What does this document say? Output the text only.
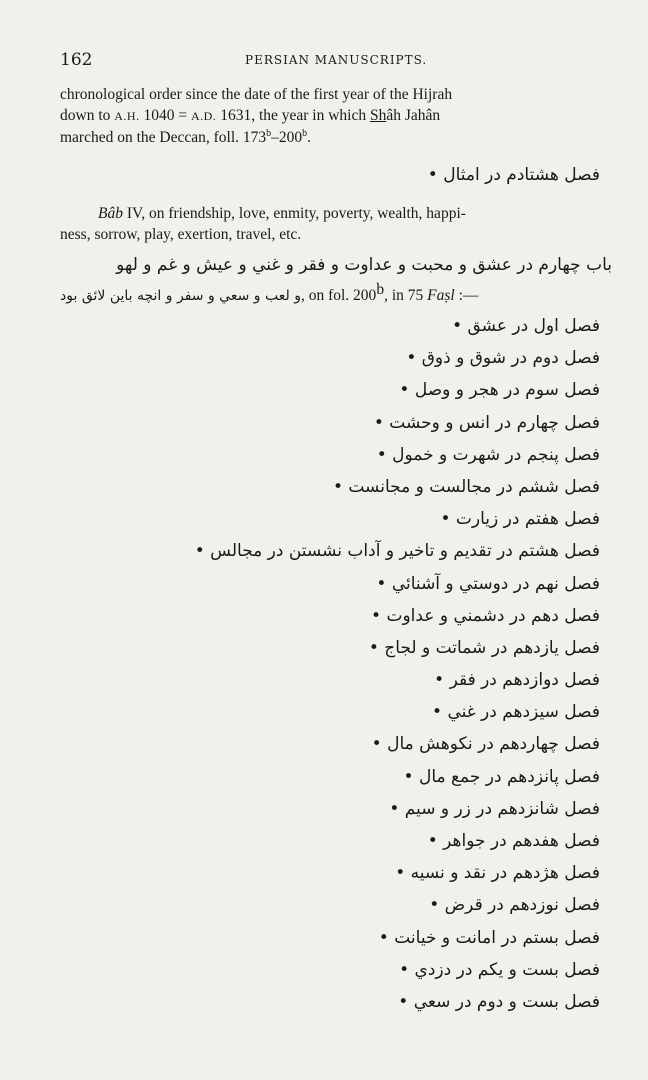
162	PERSIAN MANUSCRIPTS.
chronological order since the date of the first year of the Hijrah
down to A.H. 1040 = A.D. 1631, the year in which Shâh Jahân
marched on the Deccan, foll. 173$^b$–200$^b$.
فصل هشتادم در امثال •
Bâb IV, on friendship, love, enmity, poverty, wealth, happi-
ness, sorrow, play, exertion, travel, etc.
باب چهارم در عشق و محبت و عداوت و فقر و غني و عيش و غم و لهو
و لعب و سعي و سفر و انچه باين لائق بود, on fol. 200$^b$, in 75 Faṣl :—
فصل اول در عشق •
فصل دوم در شوق و ذوق •
فصل سوم در هجر و وصل •
فصل چهارم در انس و وحشت •
فصل پنجم در شهرت و خمول •
فصل ششم در مجالست و مجانست •
فصل هفتم در زيارت •
فصل هشتم در تقديم و تاخير و آداب نشستن در مجالس •
فصل نهم در دوستي و آشنائي •
فصل دهم در دشمني و عداوت •
فصل يازدهم در شماتت و لجاج •
فصل دوازدهم در فقر •
فصل سيزدهم در غني •
فصل چهاردهم در نكوهش مال •
فصل پانزدهم در جمع مال •
فصل شانزدهم در زر و سيم •
فصل هفدهم در جواهر •
فصل هژدهم در نقد و نسيه •
فصل نوزدهم در قرض •
فصل بستم در امانت و خيانت •
فصل بست و يكم در دزدي •
فصل بست و دوم در سعي •
